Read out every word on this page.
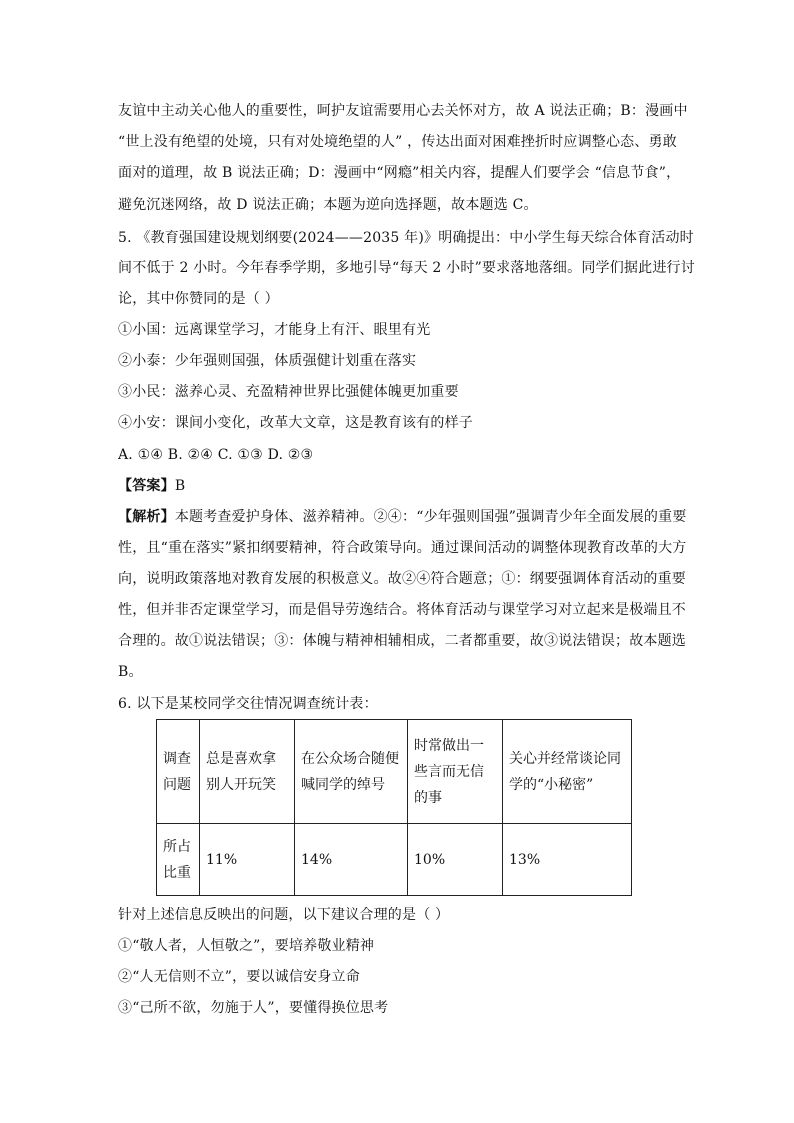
友谊中主动关心他人的重要性，呵护友谊需要用心去关怀对方，故 A 说法正确；B：漫画中
“世上没有绝望的处境，只有对处境绝望的人” ，传达出面对困难挫折时应调整心态、勇敢
面对的道理，故 B 说法正确；D：漫画中“网瘾”相关内容，提醒人们要学会 “信息节食”，
避免沉迷网络，故 D 说法正确；本题为逆向选择题，故本题选 C。
5. 《教育强国建设规划纲要(2024——2035 年)》明确提出：中小学生每天综合体育活动时
间不低于 2 小时。今年春季学期，多地引导“每天 2 小时”要求落地落细。同学们据此进行讨
论，其中你赞同的是（ ）
①小国：远离课堂学习，才能身上有汗、眼里有光
②小泰：少年强则国强，体质强健计划重在落实
③小民：滋养心灵、充盈精神世界比强健体魄更加重要
④小安：课间小变化，改革大文章，这是教育该有的样子
A. ①④ B. ②④ C. ①③ D. ②③
【答案】B
【解析】本题考查爱护身体、滋养精神。②④：“少年强则国强”强调青少年全面发展的重要
性，且“重在落实”紧扣纲要精神，符合政策导向。通过课间活动的调整体现教育改革的大方
向，说明政策落地对教育发展的积极意义。故②④符合题意；①：纲要强调体育活动的重要
性，但并非否定课堂学习，而是倡导劳逸结合。将体育活动与课堂学习对立起来是极端且不
合理的。故①说法错误；③：体魄与精神相辅相成，二者都重要，故③说法错误；故本题选
B。
6. 以下是某校同学交往情况调查统计表：
调查问题	总是喜欢拿别人开玩笑	在公众场合随便喊同学的绰号	时常做出一些言而无信的事	关心并经常谈论同学的“小秘密”
所占比重	11%	14%	10%	13%
针对上述信息反映出的问题，以下建议合理的是（ ）
①“敬人者，人恒敬之”，要培养敬业精神
②“人无信则不立”，要以诚信安身立命
③“己所不欲，勿施于人”，要懂得换位思考
